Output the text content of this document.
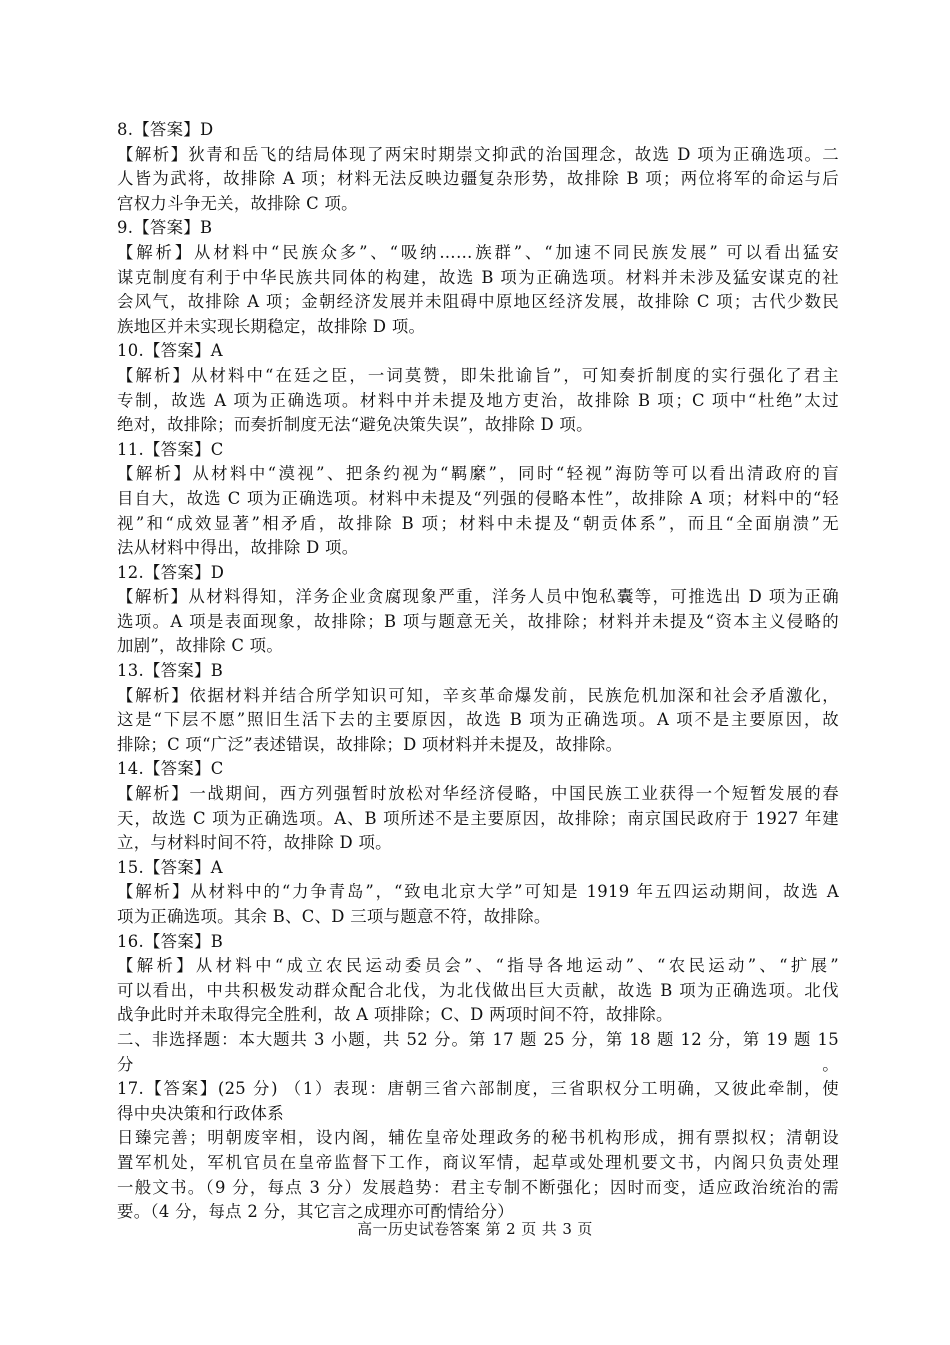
8.【答案】D
【解析】狄青和岳飞的结局体现了两宋时期崇文抑武的治国理念，故选 D 项为正确选项。二
人皆为武将，故排除 A 项；材料无法反映边疆复杂形势，故排除 B 项；两位将军的命运与后
宫权力斗争无关，故排除 C 项。
9.【答案】B
【解析】从材料中“民族众多”、“吸纳……族群”、“加速不同民族发展” 可以看出猛安
谋克制度有利于中华民族共同体的构建，故选 B 项为正确选项。材料并未涉及猛安谋克的社
会风气，故排除 A 项；金朝经济发展并未阻碍中原地区经济发展，故排除 C 项；古代少数民
族地区并未实现长期稳定，故排除 D 项。
10.【答案】A
【解析】从材料中“在廷之臣，一词莫赞，即朱批谕旨”，可知奏折制度的实行强化了君主
专制，故选 A 项为正确选项。材料中并未提及地方吏治，故排除 B 项；C 项中“杜绝”太过
绝对，故排除；而奏折制度无法“避免决策失误”，故排除 D 项。
11.【答案】C
【解析】从材料中“漠视”、把条约视为“羁縻”，同时“轻视”海防等可以看出清政府的盲
目自大，故选 C 项为正确选项。材料中未提及“列强的侵略本性”，故排除 A 项；材料中的“轻
视”和“成效显著”相矛盾，故排除 B 项；材料中未提及“朝贡体系”，而且“全面崩溃”无
法从材料中得出，故排除 D 项。
12.【答案】D
【解析】从材料得知，洋务企业贪腐现象严重，洋务人员中饱私囊等，可推选出 D 项为正确
选项。A 项是表面现象，故排除；B 项与题意无关，故排除；材料并未提及“资本主义侵略的
加剧”，故排除 C 项。
13.【答案】B
【解析】依据材料并结合所学知识可知，辛亥革命爆发前，民族危机加深和社会矛盾激化，
这是“下层不愿”照旧生活下去的主要原因，故选 B 项为正确选项。A 项不是主要原因，故
排除；C 项“广泛”表述错误，故排除；D 项材料并未提及，故排除。
14.【答案】C
【解析】一战期间，西方列强暂时放松对华经济侵略，中国民族工业获得一个短暂发展的春
天，故选 C 项为正确选项。A、B 项所述不是主要原因，故排除；南京国民政府于 1927 年建
立，与材料时间不符，故排除 D 项。
15.【答案】A
【解析】从材料中的“力争青岛”，“致电北京大学”可知是 1919 年五四运动期间，故选 A
项为正确选项。其余 B、C、D 三项与题意不符，故排除。
16.【答案】B
【解析】从材料中“成立农民运动委员会”、“指导各地运动”、“农民运动”、“扩展”
可以看出，中共积极发动群众配合北伐，为北伐做出巨大贡献，故选 B 项为正确选项。北伐
战争此时并未取得完全胜利，故 A 项排除；C、D 两项时间不符，故排除。
二、非选择题：本大题共 3 小题，共 52 分。第 17 题 25 分，第 18 题 12 分，第 19 题 15 分。
17.【答案】(25 分) （1）表现：唐朝三省六部制度，三省职权分工明确，又彼此牵制，使
得中央决策和行政体系
日臻完善；明朝废宰相，设内阁，辅佐皇帝处理政务的秘书机构形成，拥有票拟权；清朝设
置军机处，军机官员在皇帝监督下工作，商议军情，起草或处理机要文书，内阁只负责处理
一般文书。（9 分，每点 3 分）发展趋势：君主专制不断强化；因时而变，适应政治统治的需
要。（4 分，每点 2 分，其它言之成理亦可酌情给分）
高一历史试卷答案 第 2 页 共 3 页
